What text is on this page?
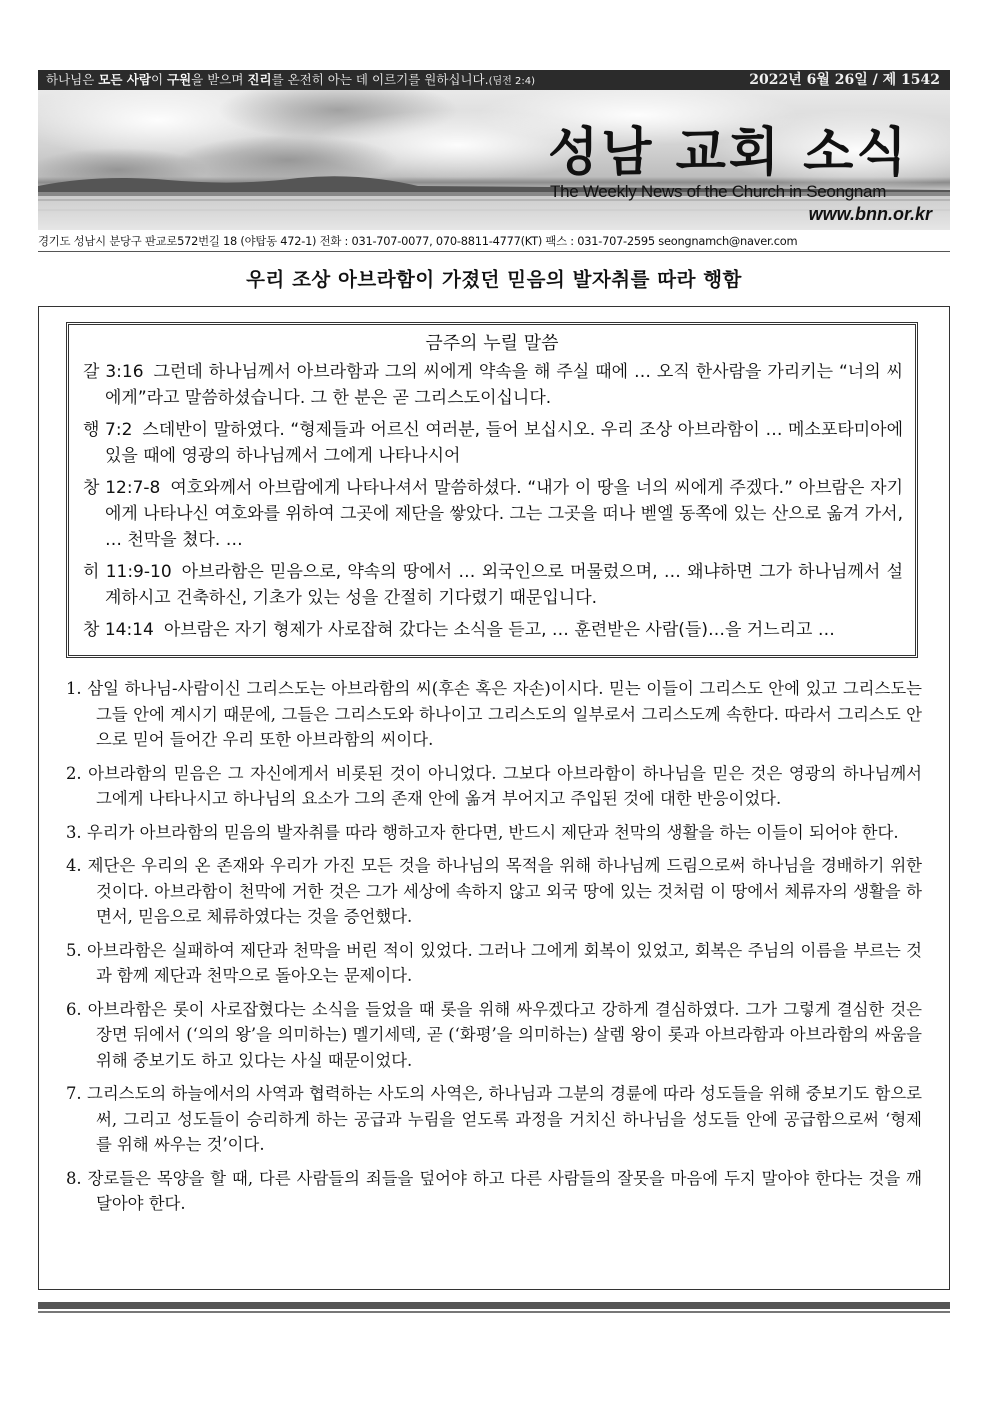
하나님은 모든 사람이 구원을 받으며 진리를 온전히 아는 데 이르기를 원하십니다.(딤전 2:4)	2022년 6월 26일 / 제 1542
성남 교회 소식
The Weekly News of the Church in Seongnam
www.bnn.or.kr
경기도 성남시 분당구 판교로572번길 18 (야탑동 472-1) 전화 : 031-707-0077, 070-8811-4777(KT) 팩스 : 031-707-2595 seongnamch@naver.com
우리 조상 아브라함이 가졌던 믿음의 발자취를 따라 행함
금주의 누릴 말씀
갈 3:16 그런데 하나님께서 아브라함과 그의 씨에게 약속을 해 주실 때에 … 오직 한사람을 가리키는 “너의 씨에게”라고 말씀하셨습니다. 그 한 분은 곧 그리스도이십니다.
행 7:2 스데반이 말하였다. “형제들과 어르신 여러분, 들어 보십시오. 우리 조상 아브라함이 … 메소포타미아에 있을 때에 영광의 하나님께서 그에게 나타나시어
창 12:7-8 여호와께서 아브람에게 나타나셔서 말씀하셨다. “내가 이 땅을 너의 씨에게 주겠다.” 아브람은 자기에게 나타나신 여호와를 위하여 그곳에 제단을 쌓았다. 그는 그곳을 떠나 벧엘 동쪽에 있는 산으로 옮겨 가서, … 천막을 쳤다. …
히 11:9-10 아브라함은 믿음으로, 약속의 땅에서 … 외국인으로 머물렀으며, … 왜냐하면 그가 하나님께서 설계하시고 건축하신, 기초가 있는 성을 간절히 기다렸기 때문입니다.
창 14:14 아브람은 자기 형제가 사로잡혀 갔다는 소식을 듣고, … 훈련받은 사람(들)…을 거느리고 …
1. 삼일 하나님-사람이신 그리스도는 아브라함의 씨(후손 혹은 자손)이시다. 믿는 이들이 그리스도 안에 있고 그리스도는 그들 안에 계시기 때문에, 그들은 그리스도와 하나이고 그리스도의 일부로서 그리스도께 속한다. 따라서 그리스도 안으로 믿어 들어간 우리 또한 아브라함의 씨이다.
2. 아브라함의 믿음은 그 자신에게서 비롯된 것이 아니었다. 그보다 아브라함이 하나님을 믿은 것은 영광의 하나님께서 그에게 나타나시고 하나님의 요소가 그의 존재 안에 옮겨 부어지고 주입된 것에 대한 반응이었다.
3. 우리가 아브라함의 믿음의 발자취를 따라 행하고자 한다면, 반드시 제단과 천막의 생활을 하는 이들이 되어야 한다.
4. 제단은 우리의 온 존재와 우리가 가진 모든 것을 하나님의 목적을 위해 하나님께 드림으로써 하나님을 경배하기 위한 것이다. 아브라함이 천막에 거한 것은 그가 세상에 속하지 않고 외국 땅에 있는 것처럼 이 땅에서 체류자의 생활을 하면서, 믿음으로 체류하였다는 것을 증언했다.
5. 아브라함은 실패하여 제단과 천막을 버린 적이 있었다. 그러나 그에게 회복이 있었고, 회복은 주님의 이름을 부르는 것과 함께 제단과 천막으로 돌아오는 문제이다.
6. 아브라함은 롯이 사로잡혔다는 소식을 들었을 때 롯을 위해 싸우겠다고 강하게 결심하였다. 그가 그렇게 결심한 것은 장면 뒤에서 (‘의의 왕’을 의미하는) 멜기세덱, 곧 (‘화평’을 의미하는) 살렘 왕이 롯과 아브라함과 아브라함의 싸움을 위해 중보기도 하고 있다는 사실 때문이었다.
7. 그리스도의 하늘에서의 사역과 협력하는 사도의 사역은, 하나님과 그분의 경륜에 따라 성도들을 위해 중보기도 함으로써, 그리고 성도들이 승리하게 하는 공급과 누림을 얻도록 과정을 거치신 하나님을 성도들 안에 공급함으로써 ‘형제를 위해 싸우는 것’이다.
8. 장로들은 목양을 할 때, 다른 사람들의 죄들을 덮어야 하고 다른 사람들의 잘못을 마음에 두지 말아야 한다는 것을 깨달아야 한다.
